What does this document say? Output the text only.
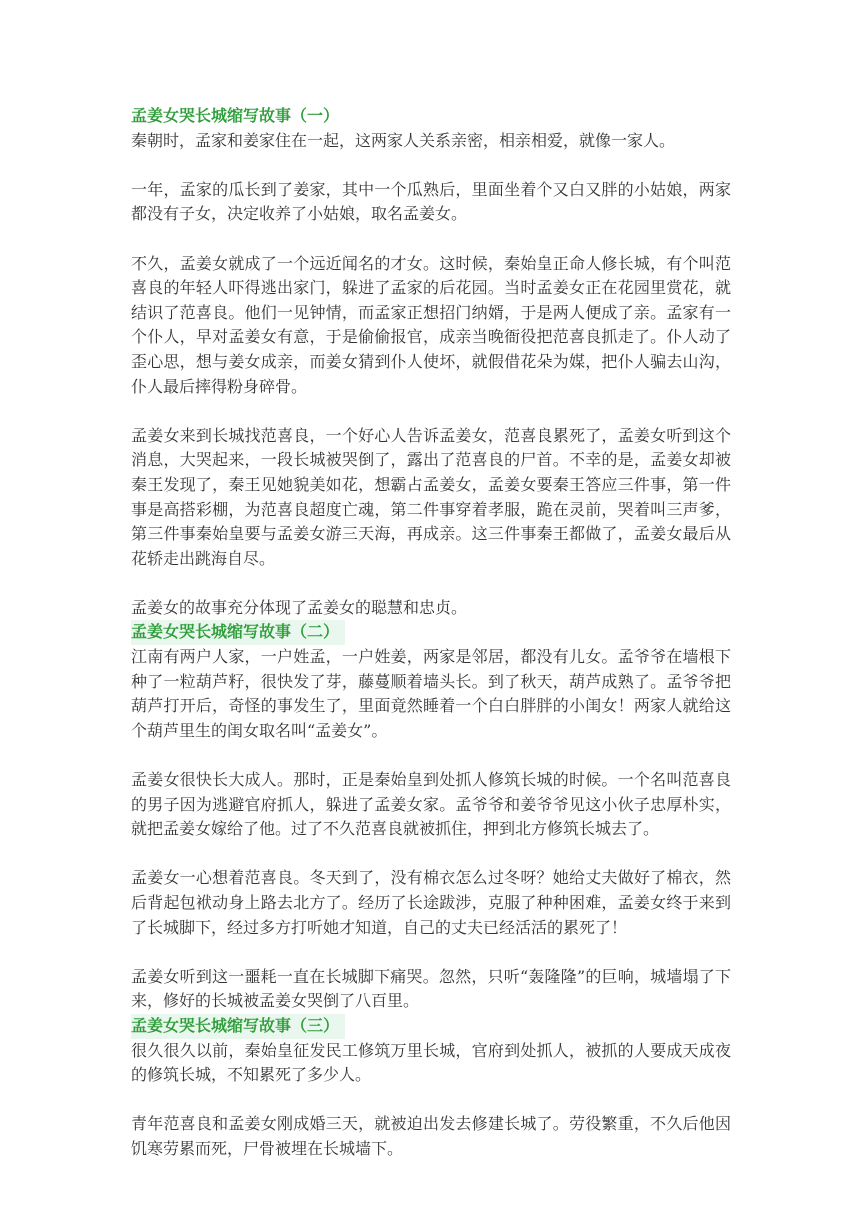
孟姜女哭长城缩写故事（一）

秦朝时，孟家和姜家住在一起，这两家人关系亲密，相亲相爱，就像一家人。

一年，孟家的瓜长到了姜家，其中一个瓜熟后，里面坐着个又白又胖的小姑娘，两家都没有子女，决定收养了小姑娘，取名孟姜女。

不久，孟姜女就成了一个远近闻名的才女。这时候，秦始皇正命人修长城，有个叫范喜良的年轻人吓得逃出家门，躲进了孟家的后花园。当时孟姜女正在花园里赏花，就结识了范喜良。他们一见钟情，而孟家正想招门纳婿，于是两人便成了亲。孟家有一个仆人，早对孟姜女有意，于是偷偷报官，成亲当晚衙役把范喜良抓走了。仆人动了歪心思，想与姜女成亲，而姜女猜到仆人使坏，就假借花朵为媒，把仆人骗去山沟，仆人最后摔得粉身碎骨。

孟姜女来到长城找范喜良，一个好心人告诉孟姜女，范喜良累死了，孟姜女听到这个消息，大哭起来，一段长城被哭倒了，露出了范喜良的尸首。不幸的是，孟姜女却被秦王发现了，秦王见她貌美如花，想霸占孟姜女，孟姜女要秦王答应三件事，第一件事是高搭彩棚，为范喜良超度亡魂，第二件事穿着孝服，跪在灵前，哭着叫三声爹，第三件事秦始皇要与孟姜女游三天海，再成亲。这三件事秦王都做了，孟姜女最后从花轿走出跳海自尽。

孟姜女的故事充分体现了孟姜女的聪慧和忠贞。

孟姜女哭长城缩写故事（二）

江南有两户人家，一户姓孟，一户姓姜，两家是邻居，都没有儿女。孟爷爷在墙根下种了一粒葫芦籽，很快发了芽，藤蔓顺着墙头长。到了秋天，葫芦成熟了。孟爷爷把葫芦打开后，奇怪的事发生了，里面竟然睡着一个白白胖胖的小闺女！两家人就给这个葫芦里生的闺女取名叫“孟姜女”。

孟姜女很快长大成人。那时，正是秦始皇到处抓人修筑长城的时候。一个名叫范喜良的男子因为逃避官府抓人，躲进了孟姜女家。孟爷爷和姜爷爷见这小伙子忠厚朴实，就把孟姜女嫁给了他。过了不久范喜良就被抓住，押到北方修筑长城去了。

孟姜女一心想着范喜良。冬天到了，没有棉衣怎么过冬呀？她给丈夫做好了棉衣，然后背起包袱动身上路去北方了。经历了长途跋涉，克服了种种困难，孟姜女终于来到了长城脚下，经过多方打听她才知道，自己的丈夫已经活活的累死了！

孟姜女听到这一噩耗一直在长城脚下痛哭。忽然，只听“轰隆隆”的巨响，城墙塌了下来，修好的长城被孟姜女哭倒了八百里。

孟姜女哭长城缩写故事（三）

很久很久以前，秦始皇征发民工修筑万里长城，官府到处抓人，被抓的人要成天成夜的修筑长城，不知累死了多少人。

青年范喜良和孟姜女刚成婚三天，就被迫出发去修建长城了。劳役繁重，不久后他因饥寒劳累而死，尸骨被埋在长城墙下。
